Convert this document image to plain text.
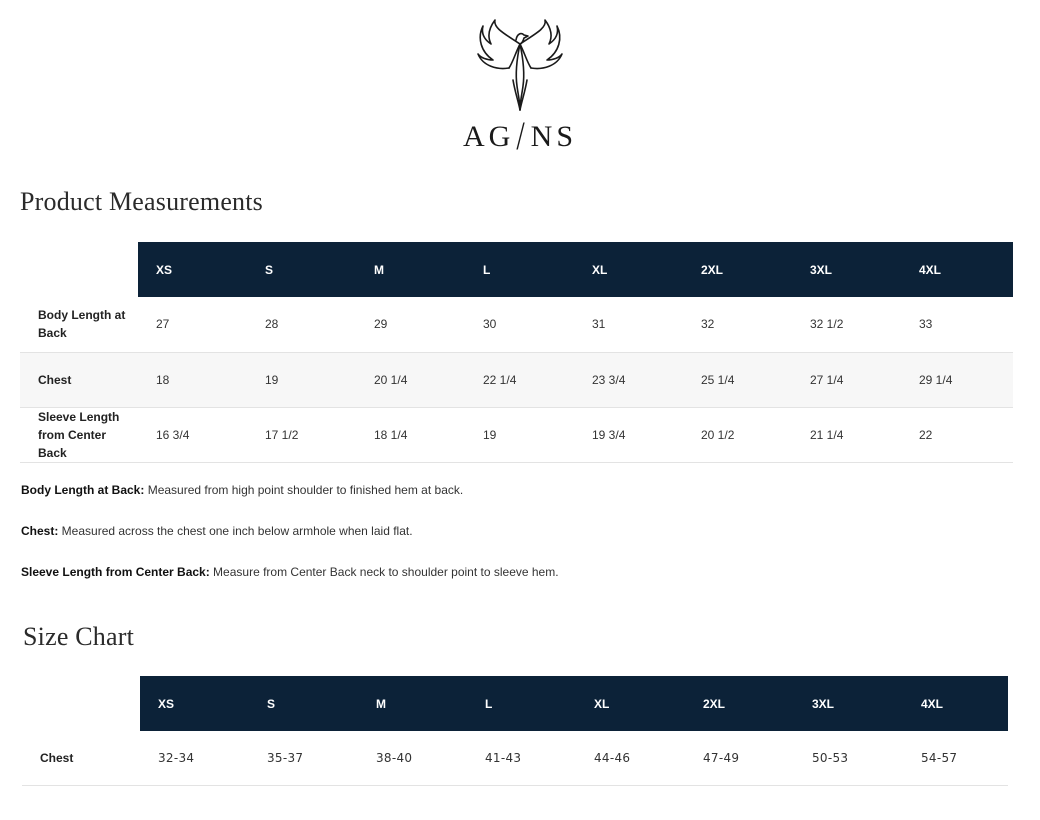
AG/NS
Product Measurements
	XS	S	M	L	XL	2XL	3XL	4XL
Body Length at Back	27	28	29	30	31	32	32 1/2	33
Chest	18	19	20 1/4	22 1/4	23 3/4	25 1/4	27 1/4	29 1/4
Sleeve Length from Center Back	16 3/4	17 1/2	18 1/4	19	19 3/4	20 1/2	21 1/4	22

Body Length at Back: Measured from high point shoulder to finished hem at back.

Chest: Measured across the chest one inch below armhole when laid flat.

Sleeve Length from Center Back: Measure from Center Back neck to shoulder point to sleeve hem.

Size Chart
	XS	S	M	L	XL	2XL	3XL	4XL
Chest	32-34	35-37	38-40	41-43	44-46	47-49	50-53	54-57
